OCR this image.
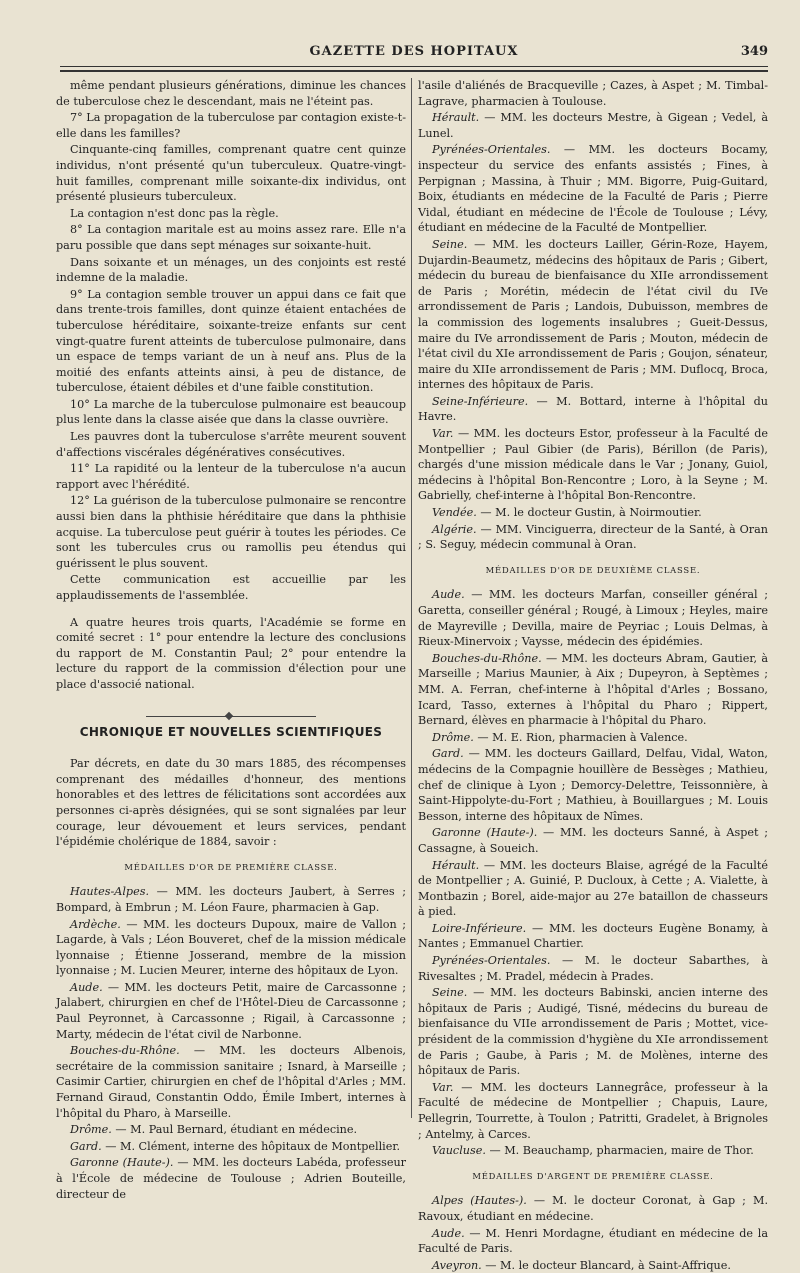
GAZETTE DES HOPITAUX	349

même pendant plusieurs générations, diminue les chances de tuberculose chez le descendant, mais ne l'éteint pas.

7° La propagation de la tuberculose par contagion existe-t-elle dans les familles?

Cinquante-cinq familles, comprenant quatre cent quinze individus, n'ont présenté qu'un tuberculeux. Quatre-vingt-huit familles, comprenant mille soixante-dix individus, ont présenté plusieurs tuberculeux.

La contagion n'est donc pas la règle.

8° La contagion maritale est au moins assez rare. Elle n'a paru possible que dans sept ménages sur soixante-huit.

Dans soixante et un ménages, un des conjoints est resté indemne de la maladie.

9° La contagion semble trouver un appui dans ce fait que dans trente-trois familles, dont quinze étaient entachées de tuberculose héréditaire, soixante-treize enfants sur cent vingt-quatre furent atteints de tuberculose pulmonaire, dans un espace de temps variant de un à neuf ans. Plus de la moitié des enfants atteints ainsi, à peu de distance, de tuberculose, étaient débiles et d'une faible constitution.

10° La marche de la tuberculose pulmonaire est beaucoup plus lente dans la classe aisée que dans la classe ouvrière.

Les pauvres dont la tuberculose s'arrête meurent souvent d'affections viscérales dégénératives consécutives.

11° La rapidité ou la lenteur de la tuberculose n'a aucun rapport avec l'hérédité.

12° La guérison de la tuberculose pulmonaire se rencontre aussi bien dans la phthisie héréditaire que dans la phthisie acquise. La tuberculose peut guérir à toutes les périodes. Ce sont les tubercules crus ou ramollis peu étendus qui guérissent le plus souvent.

Cette communication est accueillie par les applaudissements de l'assemblée.

A quatre heures trois quarts, l'Académie se forme en comité secret : 1° pour entendre la lecture des conclusions du rapport de M. Constantin Paul; 2° pour entendre la lecture du rapport de la commission d'élection pour une place d'associé national.

CHRONIQUE ET NOUVELLES SCIENTIFIQUES

Par décrets, en date du 30 mars 1885, des récompenses comprenant des médailles d'honneur, des mentions honorables et des lettres de félicitations sont accordées aux personnes ci-après désignées, qui se sont signalées par leur courage, leur dévouement et leurs services, pendant l'épidémie cholérique de 1884, savoir :

MÉDAILLES D'OR DE PREMIÈRE CLASSE.

Hautes-Alpes. — MM. les docteurs Jaubert, à Serres ; Bompard, à Embrun ; M. Léon Faure, pharmacien à Gap.

Ardèche. — MM. les docteurs Dupoux, maire de Vallon ; Lagarde, à Vals ; Léon Bouveret, chef de la mission médicale lyonnaise ; Étienne Josserand, membre de la mission lyonnaise ; M. Lucien Meurer, interne des hôpitaux de Lyon.

Aude. — MM. les docteurs Petit, maire de Carcassonne ; Jalabert, chirurgien en chef de l'Hôtel-Dieu de Carcassonne ; Paul Peyronnet, à Carcassonne ; Rigail, à Carcassonne ; Marty, médecin de l'état civil de Narbonne.

Bouches-du-Rhône. — MM. les docteurs Albenois, secrétaire de la commission sanitaire ; Isnard, à Marseille ; Casimir Cartier, chirurgien en chef de l'hôpital d'Arles ; MM. Fernand Giraud, Constantin Oddo, Émile Imbert, internes à l'hôpital du Pharo, à Marseille.

Drôme. — M. Paul Bernard, étudiant en médecine.

Gard. — M. Clément, interne des hôpitaux de Montpellier.

Garonne (Haute-). — MM. les docteurs Labéda, professeur à l'École de médecine de Toulouse ; Adrien Bouteille, directeur de

l'asile d'aliénés de Bracqueville ; Cazes, à Aspet ; M. Timbal-Lagrave, pharmacien à Toulouse.

Hérault. — MM. les docteurs Mestre, à Gigean ; Vedel, à Lunel.

Pyrénées-Orientales. — MM. les docteurs Bocamy, inspecteur du service des enfants assistés ; Fines, à Perpignan ; Massina, à Thuir ; MM. Bigorre, Puig-Guitard, Boix, étudiants en médecine de la Faculté de Paris ; Pierre Vidal, étudiant en médecine de l'École de Toulouse ; Lévy, étudiant en médecine de la Faculté de Montpellier.

Seine. — MM. les docteurs Lailler, Gérin-Roze, Hayem, Dujardin-Beaumetz, médecins des hôpitaux de Paris ; Gibert, médecin du bureau de bienfaisance du XIIe arrondissement de Paris ; Morétin, médecin de l'état civil du IVe arrondissement de Paris ; Landois, Dubuisson, membres de la commission des logements insalubres ; Gueit-Dessus, maire du IVe arrondissement de Paris ; Mouton, médecin de l'état civil du XIe arrondissement de Paris ; Goujon, sénateur, maire du XIIe arrondissement de Paris ; MM. Duflocq, Broca, internes des hôpitaux de Paris.

Seine-Inférieure. — M. Bottard, interne à l'hôpital du Havre.

Var. — MM. les docteurs Estor, professeur à la Faculté de Montpellier ; Paul Gibier (de Paris), Bérillon (de Paris), chargés d'une mission médicale dans le Var ; Jonany, Guiol, médecins à l'hôpital Bon-Rencontre ; Loro, à la Seyne ; M. Gabrielly, chef-interne à l'hôpital Bon-Rencontre.

Vendée. — M. le docteur Gustin, à Noirmoutier.

Algérie. — MM. Vinciguerra, directeur de la Santé, à Oran ; S. Seguy, médecin communal à Oran.

MÉDAILLES D'OR DE DEUXIÈME CLASSE.

Aude. — MM. les docteurs Marfan, conseiller général ; Garetta, conseiller général ; Rougé, à Limoux ; Heyles, maire de Mayreville ; Devilla, maire de Peyriac ; Louis Delmas, à Rieux-Minervoix ; Vaysse, médecin des épidémies.

Bouches-du-Rhône. — MM. les docteurs Abram, Gautier, à Marseille ; Marius Maunier, à Aix ; Dupeyron, à Septèmes ; MM. A. Ferran, chef-interne à l'hôpital d'Arles ; Bossano, Icard, Tasso, externes à l'hôpital du Pharo ; Rippert, Bernard, élèves en pharmacie à l'hôpital du Pharo.

Drôme. — M. E. Rion, pharmacien à Valence.

Gard. — MM. les docteurs Gaillard, Delfau, Vidal, Waton, médecins de la Compagnie houillère de Bessèges ; Mathieu, chef de clinique à Lyon ; Demorcy-Delettre, Teissonnière, à Saint-Hippolyte-du-Fort ; Mathieu, à Bouillargues ; M. Louis Besson, interne des hôpitaux de Nîmes.

Garonne (Haute-). — MM. les docteurs Sanné, à Aspet ; Cassagne, à Soueich.

Hérault. — MM. les docteurs Blaise, agrégé de la Faculté de Montpellier ; A. Guinié, P. Ducloux, à Cette ; A. Vialette, à Montbazin ; Borel, aide-major au 27e bataillon de chasseurs à pied.

Loire-Inférieure. — MM. les docteurs Eugène Bonamy, à Nantes ; Emmanuel Chartier.

Pyrénées-Orientales. — M. le docteur Sabarthes, à Rivesaltes ; M. Pradel, médecin à Prades.

Seine. — MM. les docteurs Babinski, ancien interne des hôpitaux de Paris ; Audigé, Tisné, médecins du bureau de bienfaisance du VIIe arrondissement de Paris ; Mottet, vice-président de la commission d'hygiène du XIe arrondissement de Paris ; Gaube, à Paris ; M. de Molènes, interne des hôpitaux de Paris.

Var. — MM. les docteurs Lannegrâce, professeur à la Faculté de médecine de Montpellier ; Chapuis, Laure, Pellegrin, Tourrette, à Toulon ; Patritti, Gradelet, à Brignoles ; Antelmy, à Carces.

Vaucluse. — M. Beauchamp, pharmacien, maire de Thor.

MÉDAILLES D'ARGENT DE PREMIÈRE CLASSE.

Alpes (Hautes-). — M. le docteur Coronat, à Gap ; M. Ravoux, étudiant en médecine.

Aude. — M. Henri Mordagne, étudiant en médecine de la Faculté de Paris.

Aveyron. — M. le docteur Blancard, à Saint-Affrique.
